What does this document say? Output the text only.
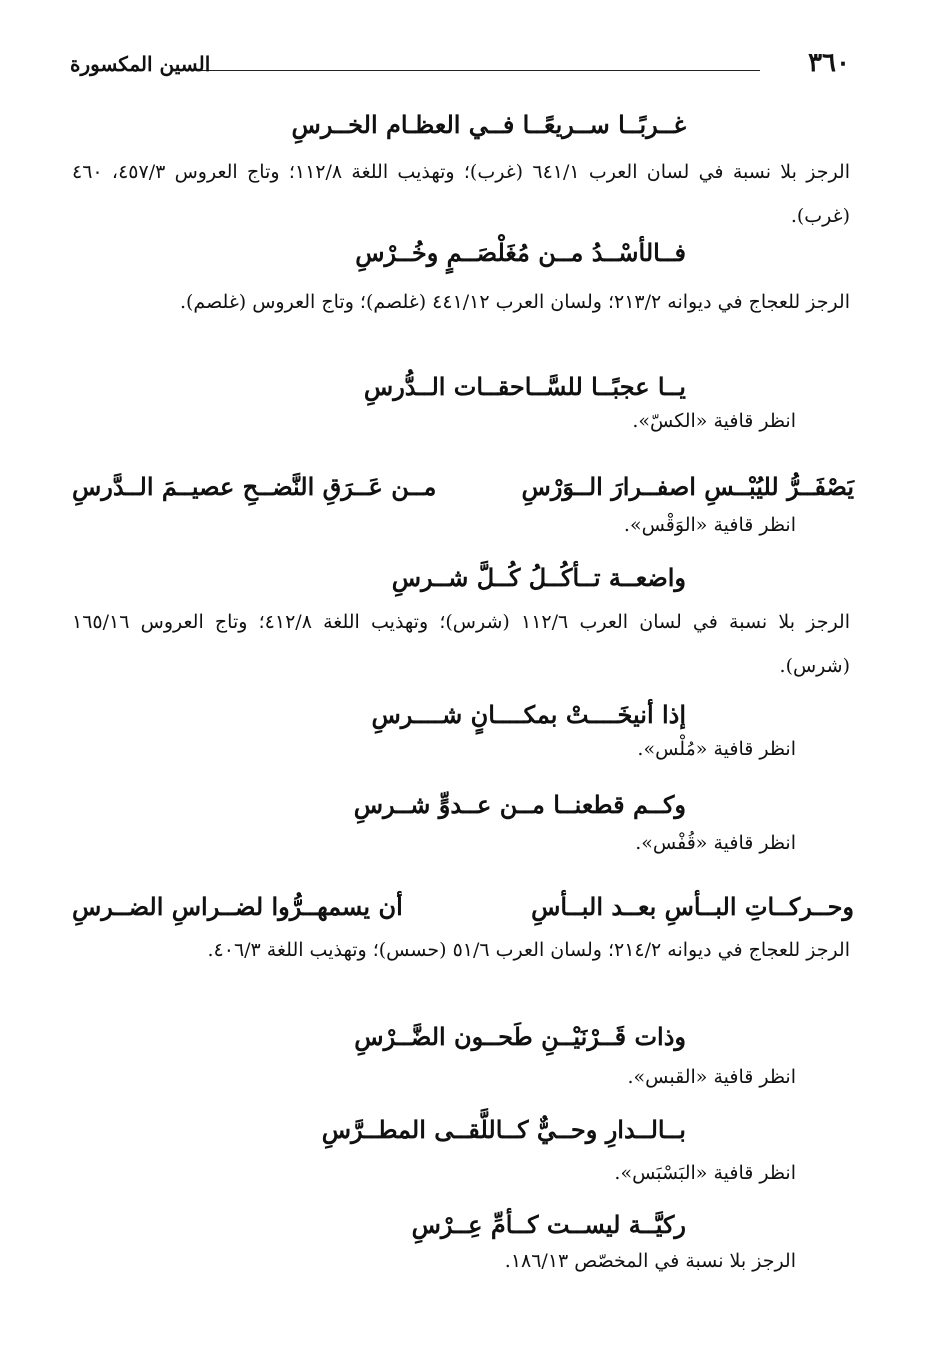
٣٦٠
السين المكسورة
غــربًــا ســريعًــا فــي العظـام الخــرسِ
الرجز بلا نسبة في لسان العرب ٦٤١/١ (غرب)؛ وتهذيب اللغة ١١٢/٨؛ وتاج العروس ٤٥٧/٣، ٤٦٠ (غرب).
فــالأسْــدُ مــن مُغَلْصَــمٍ وخُــرْسِ
الرجز للعجاج في ديوانه ٢١٣/٢؛ ولسان العرب ٤٤١/١٢ (غلصم)؛ وتاج العروس (غلصم).
يــا عجبًــا للسَّــاحقــات الــدُّرسِ
انظر قافية «الكسّ».
يَصْفَــرُّ لليُبْــسِ اصفــرارَ الــوَرْسِ
مــن عَــرَقِ النَّضــحِ عصيــمَ الــدَّرسِ
انظر قافية «الوَقْس».
واضعــة تــأكُــلُ كُــلَّ شــرسِ
الرجز بلا نسبة في لسان العرب ١١٢/٦ (شرس)؛ وتهذيب اللغة ٤١٢/٨؛ وتاج العروس ١٦٥/١٦ (شرس).
إذا أنيخَــــتْ بمكــــانٍ شــــرسِ
انظر قافية «مُلْس».
وكــم قطعنــا مــن عــدوٍّ شــرسِ
انظر قافية «قُفْس».
وحــركــاتِ البــأسِ بعــد البــأسِ
أن يسمهــرُّوا لضــراسِ الضــرسِ
الرجز للعجاج في ديوانه ٢١٤/٢؛ ولسان العرب ٥١/٦ (حسس)؛ وتهذيب اللغة ٤٠٦/٣.
وذات قَــرْنَيْــنِ طَحــون الضَّــرْسِ
انظر قافية «القبس».
بــالــدارِ وحــيٌّ كــاللَّقــى المطــرَّسِ
انظر قافية «البَسْبَس».
ركيَّــة ليســت كــأمِّ عِــرْسِ
الرجز بلا نسبة في المخصّص ١٨٦/١٣.
